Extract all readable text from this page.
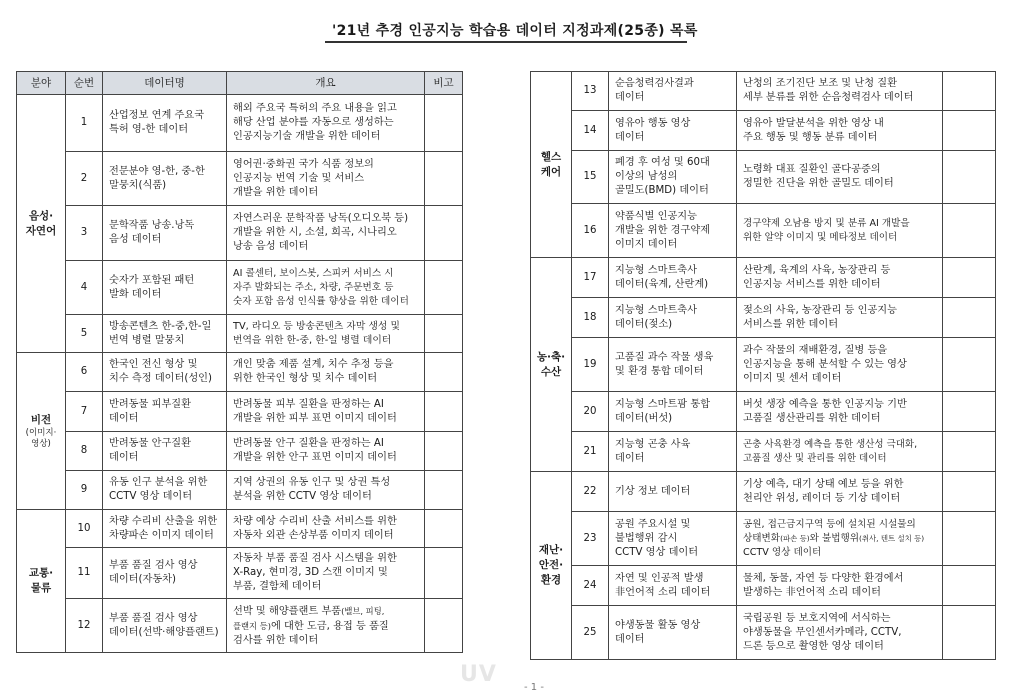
'21년 추경 인공지능 학습용 데이터 지정과제(25종) 목록
분야	순번	데이터명	개요	비고
음성·
자연어	1	산업정보 연계 주요국
특허 영-한 데이터	해외 주요국 특허의 주요 내용을 읽고
해당 산업 분야를 자동으로 생성하는
인공지능기술 개발을 위한 데이터	
	2	전문분야 영-한, 중-한
말뭉치(식품)	영어권·중화권 국가 식품 정보의
인공지능 번역 기술 및 서비스
개발을 위한 데이터	
	3	문학작품 낭송.낭독
음성 데이터	자연스러운 문학작품 낭독(오디오북 등)
개발을 위한 시, 소설, 희곡, 시나리오
낭송 음성 데이터	
	4	숫자가 포함된 패턴
발화 데이터	AI 콜센터, 보이스봇, 스피커 서비스 시
자주 발화되는 주소, 차량, 주문번호 등
숫자 포함 음성 인식률 향상을 위한 데이터	
	5	방송콘텐츠 한-중,한-일
번역 병렬 말뭉치	TV, 라디오 등 방송콘텐츠 자막 생성 및
번역을 위한 한-중, 한-일 병렬 데이터	
비전
(이미지·
영상)	6	한국인 전신 형상 및
치수 측정 데이터(성인)	개인 맞춤 제품 설계, 치수 추정 등을
위한 한국인 형상 및 치수 데이터	
	7	반려동물 피부질환
데이터	반려동물 피부 질환을 판정하는 AI
개발을 위한 피부 표면 이미지 데이터	
	8	반려동물 안구질환
데이터	반려동물 안구 질환을 판정하는 AI
개발을 위한 안구 표면 이미지 데이터	
	9	유동 인구 분석을 위한
CCTV 영상 데이터	지역 상권의 유동 인구 및 상권 특성
분석을 위한 CCTV 영상 데이터	
교통·
물류	10	차량 수리비 산출을 위한
차량파손 이미지 데이터	차량 예상 수리비 산출 서비스를 위한
자동차 외관 손상부품 이미지 데이터	
	11	부품 품질 검사 영상
데이터(자동차)	자동차 부품 품질 검사 시스템을 위한
X-Ray, 현미경, 3D 스캔 이미지 및
부품, 결함체 데이터	
	12	부품 품질 검사 영상
데이터(선박·해양플랜트)	선박 및 해양플랜트 부품(밸브, 피팅,
플랜지 등)에 대한 도금, 용접 등 품질
검사를 위한 데이터	
헬스
케어	13	순음청력검사결과
데이터	난청의 조기진단 보조 및 난청 질환
세부 분류를 위한 순음청력검사 데이터	
	14	영유아 행동 영상
데이터	영유아 발달분석을 위한 영상 내
주요 행동 및 행동 분류 데이터	
	15	폐경 후 여성 및 60대
이상의 남성의
골밀도(BMD) 데이터	노령화 대표 질환인 골다공증의
정밀한 진단을 위한 골밀도 데이터	
	16	약품식별 인공지능
개발을 위한 경구약제
이미지 데이터	경구약제 오남용 방지 및 분류 AI 개발을
위한 알약 이미지 및 메타정보 데이터	
농·축·
수산	17	지능형 스마트축사
데이터(육계, 산란계)	산란계, 육계의 사육, 농장관리 등
인공지능 서비스를 위한 데이터	
	18	지능형 스마트축사
데이터(젖소)	젖소의 사육, 농장관리 등 인공지능
서비스를 위한 데이터	
	19	고품질 과수 작물 생육
및 환경 통합 데이터	과수 작물의 재배환경, 질병 등을
인공지능을 통해 분석할 수 있는 영상
이미지 및 센서 데이터	
	20	지능형 스마트팜 통합
데이터(버섯)	버섯 생장 예측을 통한 인공지능 기반
고품질 생산관리를 위한 데이터	
	21	지능형 곤충 사육
데이터	곤충 사육환경 예측을 통한 생산성 극대화,
고품질 생산 및 관리를 위한 데이터	
재난·
안전·
환경	22	기상 정보 데이터	기상 예측, 대기 상태 예보 등을 위한
천리안 위성, 레이더 등 기상 데이터	
	23	공원 주요시설 및
불법행위 감시
CCTV 영상 데이터	공원, 접근금지구역 등에 설치된 시설물의
상태변화(파손 등)와 불법행위(취사, 텐트 설치 등)
CCTV 영상 데이터	
	24	자연 및 인공적 발생
非언어적 소리 데이터	물체, 동물, 자연 등 다양한 환경에서
발생하는 非언어적 소리 데이터	
	25	야생동물 활동 영상
데이터	국립공원 등 보호지역에 서식하는
야생동물을 무인센서카메라, CCTV,
드론 등으로 촬영한 영상 데이터	
UV
- 1 -
